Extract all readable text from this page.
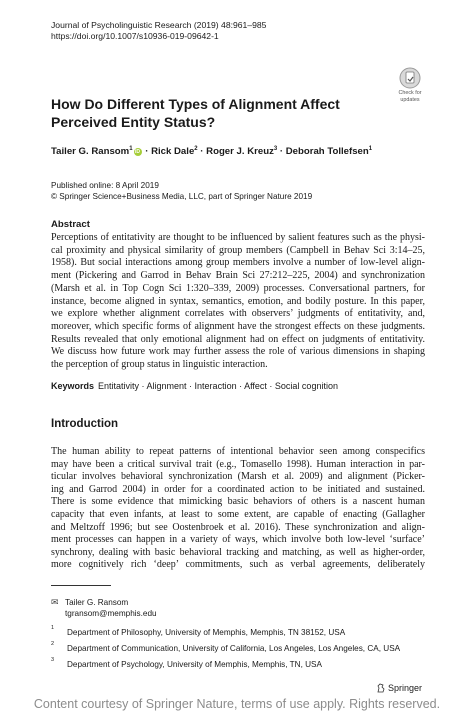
Journal of Psycholinguistic Research (2019) 48:961–985
https://doi.org/10.1007/s10936-019-09642-1
Check for
updates
How Do Different Types of Alignment Affect Perceived Entity Status?
Tailer G. Ransom$^1$iD · Rick Dale$^2$ · Roger J. Kreuz$^3$ · Deborah Tollefsen$^1$
Published online: 8 April 2019
© Springer Science+Business Media, LLC, part of Springer Nature 2019
Abstract
Perceptions of entitativity are thought to be influenced by salient features such as the physi-
cal proximity and physical similarity of group members (Campbell in Behav Sci 3:14–25,
1958). But social interactions among group members involve a number of low-level align-
ment (Pickering and Garrod in Behav Brain Sci 27:212–225, 2004) and synchronization
(Marsh et al. in Top Cogn Sci 1:320–339, 2009) processes. Conversational partners, for
instance, become aligned in syntax, semantics, emotion, and bodily posture. In this paper,
we explore whether alignment correlates with observers’ judgments of entitativity, and,
moreover, which specific forms of alignment have the strongest effects on these judgments.
Results revealed that only emotional alignment had on effect on judgments of entitativity.
We discuss how future work may further assess the role of various dimensions in shaping
the perception of group status in linguistic interaction.
Keywords Entitativity · Alignment · Interaction · Affect · Social cognition
Introduction
The human ability to repeat patterns of intentional behavior seen among conspecifics
may have been a critical survival trait (e.g., Tomasello 1998). Human interaction in par-
ticular involves behavioral synchronization (Marsh et al. 2009) and alignment (Picker-
ing and Garrod 2004) in order for a coordinated action to be initiated and sustained.
There is some evidence that mimicking basic behaviors of others is a nascent human
capacity that even infants, at least to some extent, are capable of enacting (Gallagher
and Meltzoff 1996; but see Oostenbroek et al. 2016). These synchronization and align-
ment processes can happen in a variety of ways, which involve both low-level ‘surface’
synchrony, dealing with basic behavioral tracking and matching, as well as higher-order,
more cognitively rich ‘deep’ commitments, such as verbal agreements, deliberately
✉ Tailer G. Ransom
tgransom@memphis.edu
1 Department of Philosophy, University of Memphis, Memphis, TN 38152, USA
2 Department of Communication, University of California, Los Angeles, Los Angeles, CA, USA
3 Department of Psychology, University of Memphis, Memphis, TN, USA
Springer
Content courtesy of Springer Nature, terms of use apply. Rights reserved.
